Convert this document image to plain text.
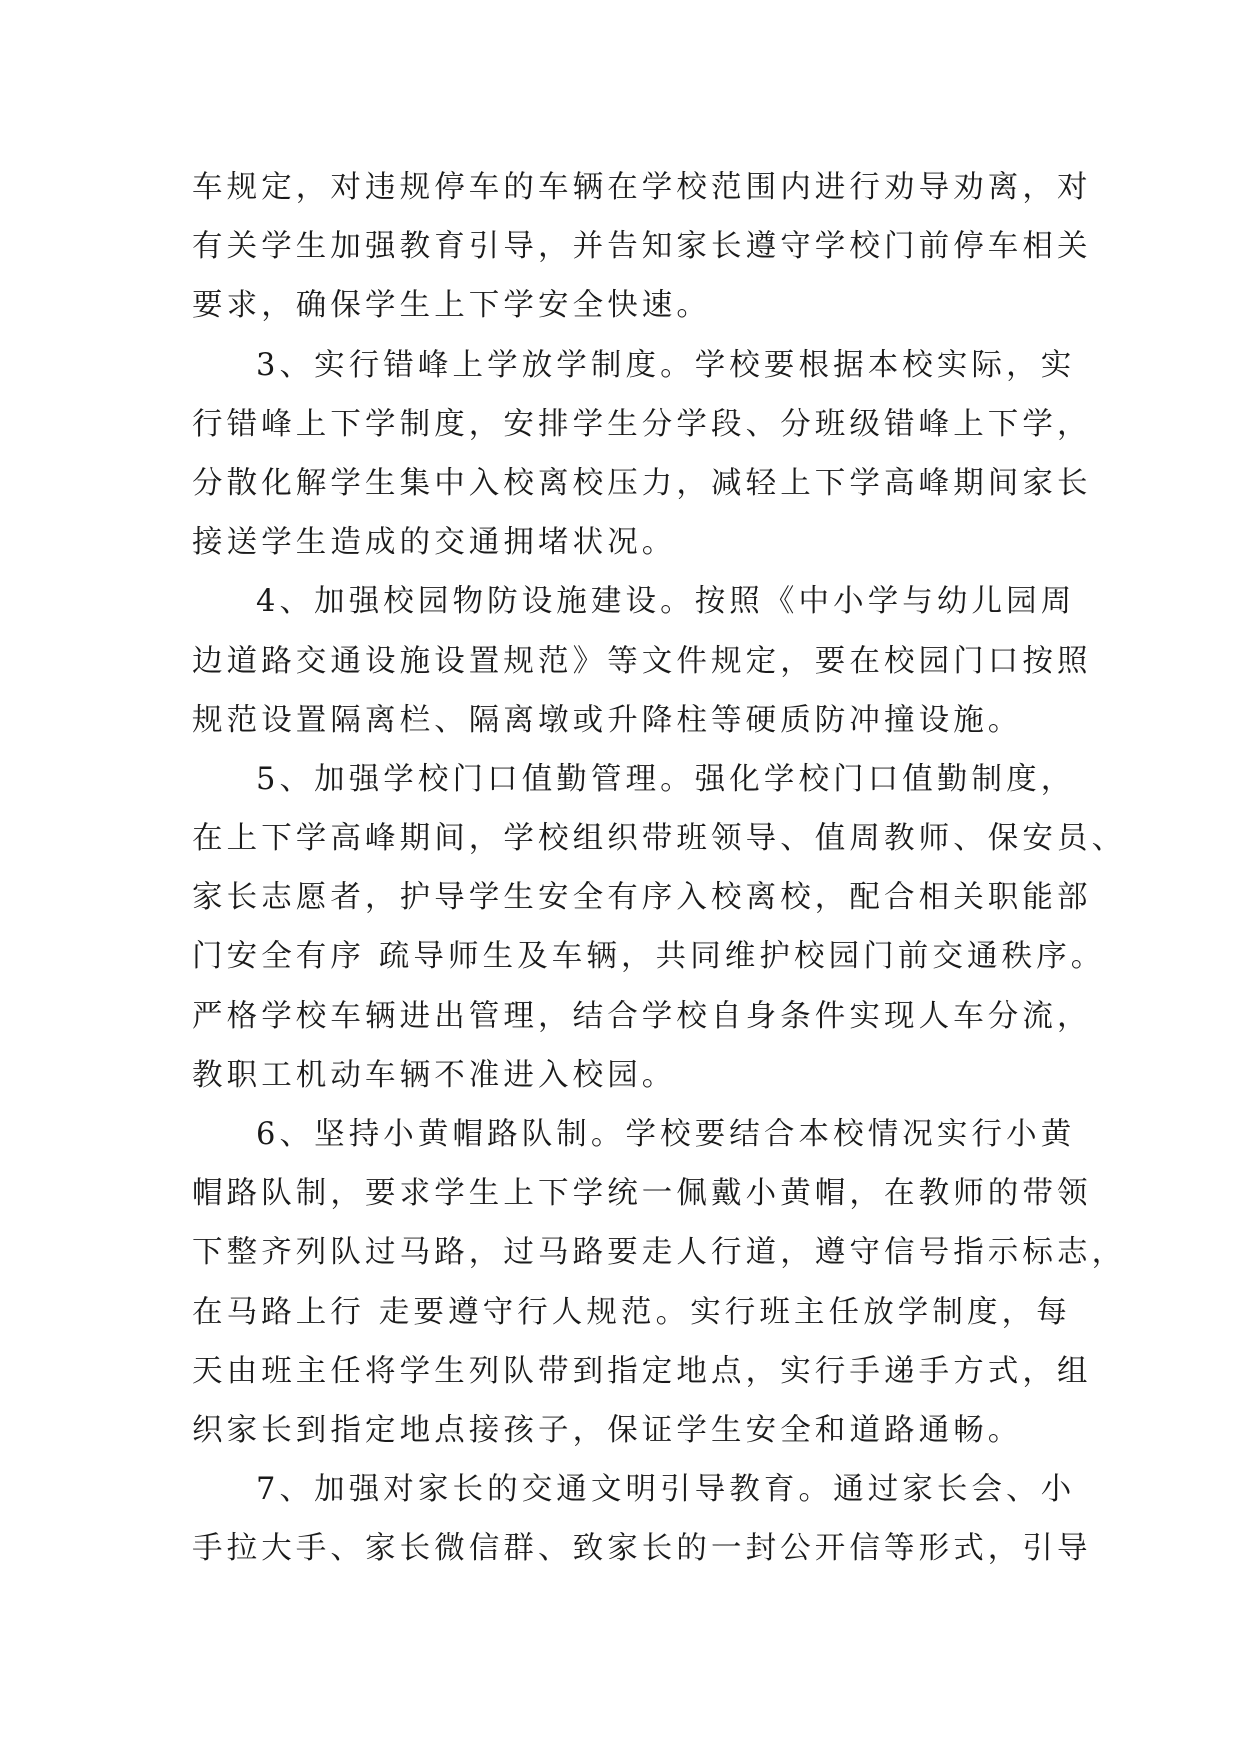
车规定，对违规停车的车辆在学校范围内进行劝导劝离，对
有关学生加强教育引导，并告知家长遵守学校门前停车相关
要求，确保学生上下学安全快速。
3、实行错峰上学放学制度。学校要根据本校实际，实
行错峰上下学制度，安排学生分学段、分班级错峰上下学，
分散化解学生集中入校离校压力，减轻上下学高峰期间家长
接送学生造成的交通拥堵状况。
4、加强校园物防设施建设。按照《中小学与幼儿园周
边道路交通设施设置规范》等文件规定，要在校园门口按照
规范设置隔离栏、隔离墩或升降柱等硬质防冲撞设施。
5、加强学校门口值勤管理。强化学校门口值勤制度，
在上下学高峰期间，学校组织带班领导、值周教师、保安员、
家长志愿者，护导学生安全有序入校离校，配合相关职能部
门安全有序 疏导师生及车辆，共同维护校园门前交通秩序。
严格学校车辆进出管理，结合学校自身条件实现人车分流，
教职工机动车辆不准进入校园。
6、坚持小黄帽路队制。学校要结合本校情况实行小黄
帽路队制，要求学生上下学统一佩戴小黄帽，在教师的带领
下整齐列队过马路，过马路要走人行道，遵守信号指示标志，
在马路上行 走要遵守行人规范。实行班主任放学制度，每
天由班主任将学生列队带到指定地点，实行手递手方式，组
织家长到指定地点接孩子，保证学生安全和道路通畅。
7、加强对家长的交通文明引导教育。通过家长会、小
手拉大手、家长微信群、致家长的一封公开信等形式，引导
